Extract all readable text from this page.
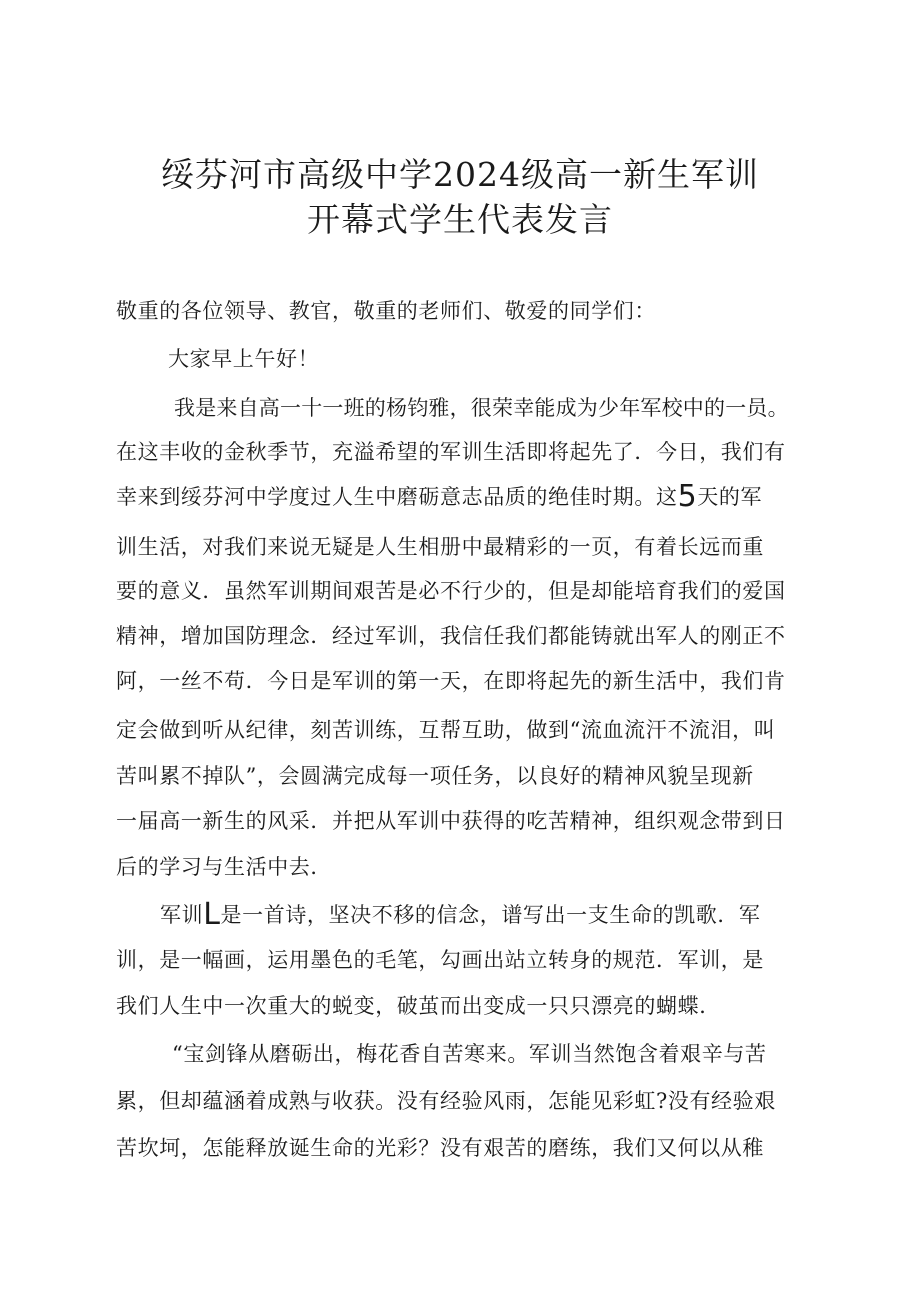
绥芬河市高级中学2024级高一新生军训
开幕式学生代表发言
敬重的各位领导、教官，敬重的老师们、敬爱的同学们：
大家早上午好！
我是来自高一十一班的杨钧雅，很荣幸能成为少年军校中的一员。
在这丰收的金秋季节，充溢希望的军训生活即将起先了．今日，我们有
幸来到绥芬河中学度过人生中磨砺意志品质的绝佳时期。这5天的军
训生活，对我们来说无疑是人生相册中最精彩的一页，有着长远而重
要的意义．虽然军训期间艰苦是必不行少的，但是却能培育我们的爱国
精神，增加国防理念．经过军训，我信任我们都能铸就出军人的刚正不
阿，一丝不苟．今日是军训的第一天，在即将起先的新生活中，我们肯
定会做到听从纪律，刻苦训练，互帮互助，做到“流血流汗不流泪，叫
苦叫累不掉队”，会圆满完成每一项任务，以良好的精神风貌呈现新
一届高一新生的风采．并把从军训中获得的吃苦精神，组织观念带到日
后的学习与生活中去．
军训L是一首诗，坚决不移的信念，谱写出一支生命的凯歌．军
训，是一幅画，运用墨色的毛笔，勾画出站立转身的规范．军训，是
我们人生中一次重大的蜕变，破茧而出变成一只只漂亮的蝴蝶．
“宝剑锋从磨砺出，梅花香自苦寒来。军训当然饱含着艰辛与苦
累，但却蕴涵着成熟与收获。没有经验风雨，怎能见彩虹?没有经验艰
苦坎坷，怎能释放诞生命的光彩？没有艰苦的磨练，我们又何以从稚
